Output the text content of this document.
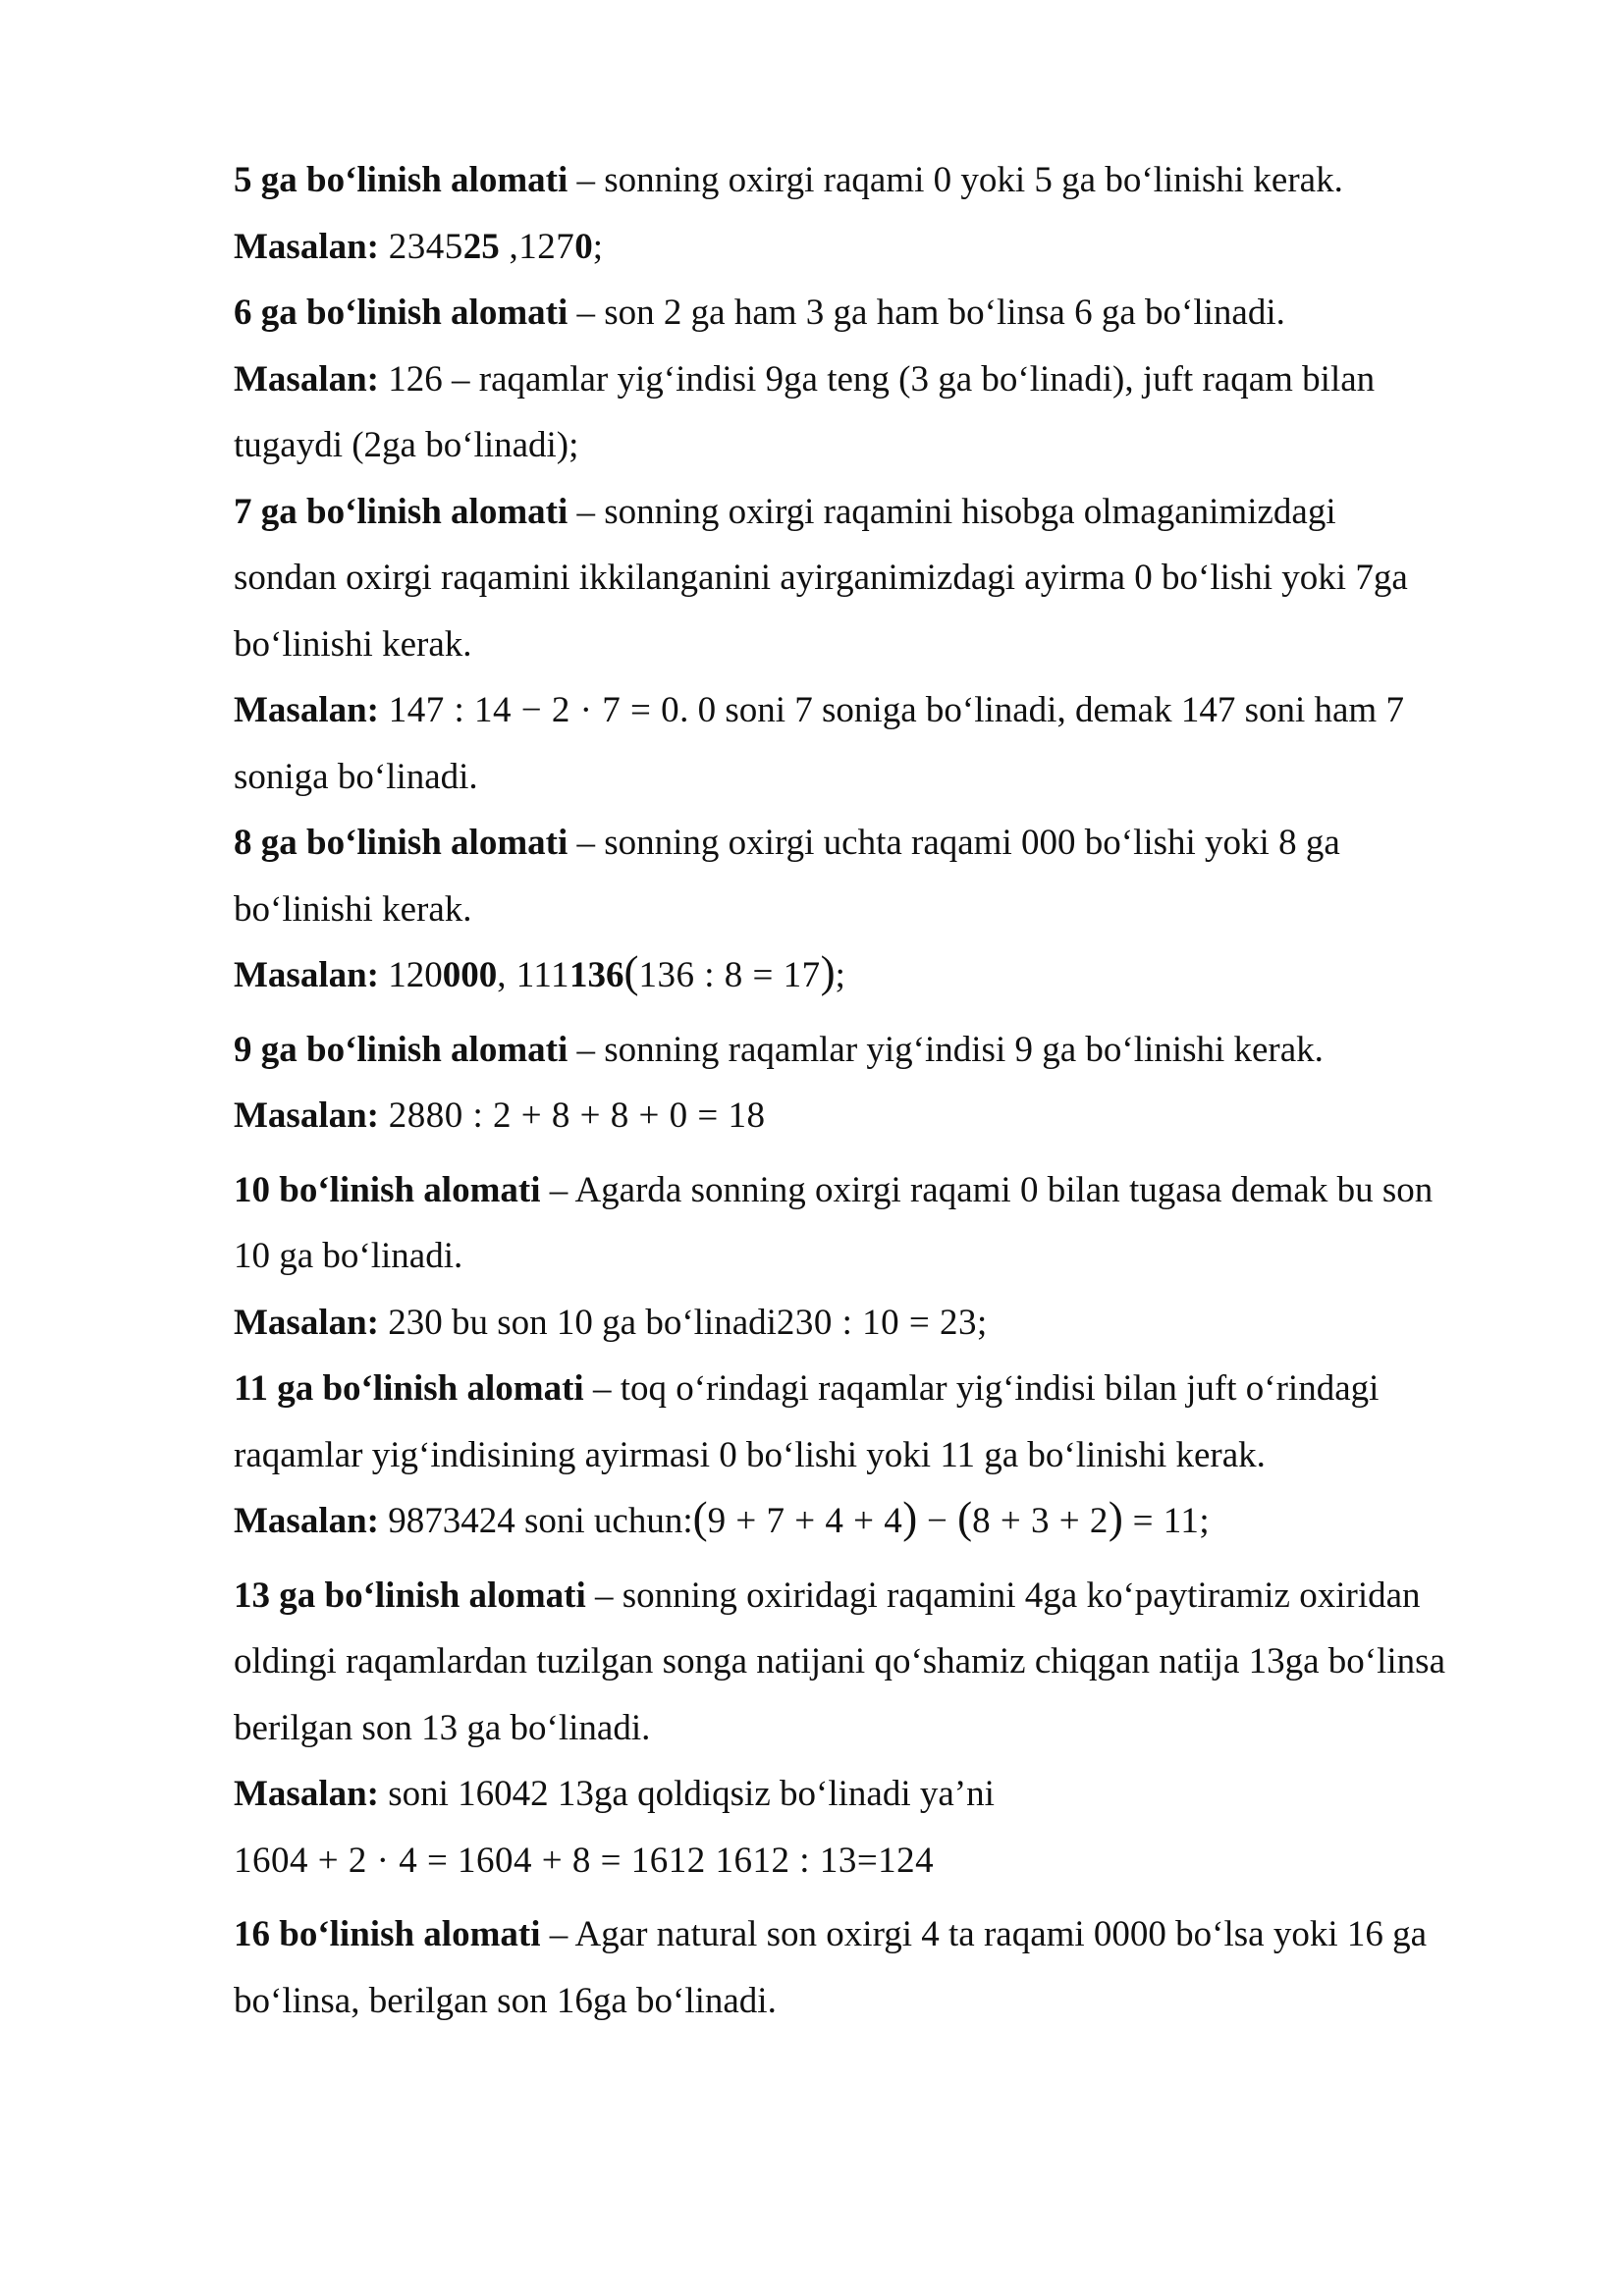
5 ga bo‘linish alomati – sonning oxirgi raqami 0 yoki 5 ga bo‘linishi kerak.
Masalan: 234525 ,1270;
6 ga bo‘linish alomati – son 2 ga ham 3 ga ham bo‘linsa 6 ga bo‘linadi.
Masalan: 126 – raqamlar yig‘indisi 9ga teng (3 ga bo‘linadi), juft raqam bilan
tugaydi (2ga bo‘linadi);
7 ga bo‘linish alomati – sonning oxirgi raqamini hisobga olmaganimizdagi
sondan oxirgi raqamini ikkilanganini ayirganimizdagi ayirma 0 bo‘lishi yoki 7ga
bo‘linishi kerak.
Masalan: 147 : 14 − 2 · 7 = 0. 0 soni 7 soniga bo‘linadi, demak 147 soni ham 7
soniga bo‘linadi.
8 ga bo‘linish alomati – sonning oxirgi uchta raqami 000 bo‘lishi yoki 8 ga
bo‘linishi kerak.
Masalan: 120000, 111136(136 : 8 = 17);
9 ga bo‘linish alomati – sonning raqamlar yig‘indisi 9 ga bo‘linishi kerak.
Masalan: 2880 : 2 + 8 + 8 + 0 = 18
10 bo‘linish alomati – Agarda sonning oxirgi raqami 0 bilan tugasa demak bu son
10 ga bo‘linadi.
Masalan: 230 bu son 10 ga bo‘linadi230 : 10 = 23;
11 ga bo‘linish alomati – toq o‘rindagi raqamlar yig‘indisi bilan juft o‘rindagi
raqamlar yig‘indisining ayirmasi 0 bo‘lishi yoki 11 ga bo‘linishi kerak.
Masalan: 9873424 soni uchun:(9 + 7 + 4 + 4) − (8 + 3 + 2) = 11;
13 ga bo‘linish alomati – sonning oxiridagi raqamini 4ga ko‘paytiramiz oxiridan
oldingi raqamlardan tuzilgan songa natijani qo‘shamiz chiqgan natija 13ga bo‘linsa
berilgan son 13 ga bo‘linadi.
Masalan: soni 16042 13ga qoldiqsiz bo‘linadi ya’ni
1604 + 2 · 4 = 1604 + 8 = 1612 1612 : 13=124
16 bo‘linish alomati – Agar natural son oxirgi 4 ta raqami 0000 bo‘lsa yoki 16 ga
bo‘linsa, berilgan son 16ga bo‘linadi.
